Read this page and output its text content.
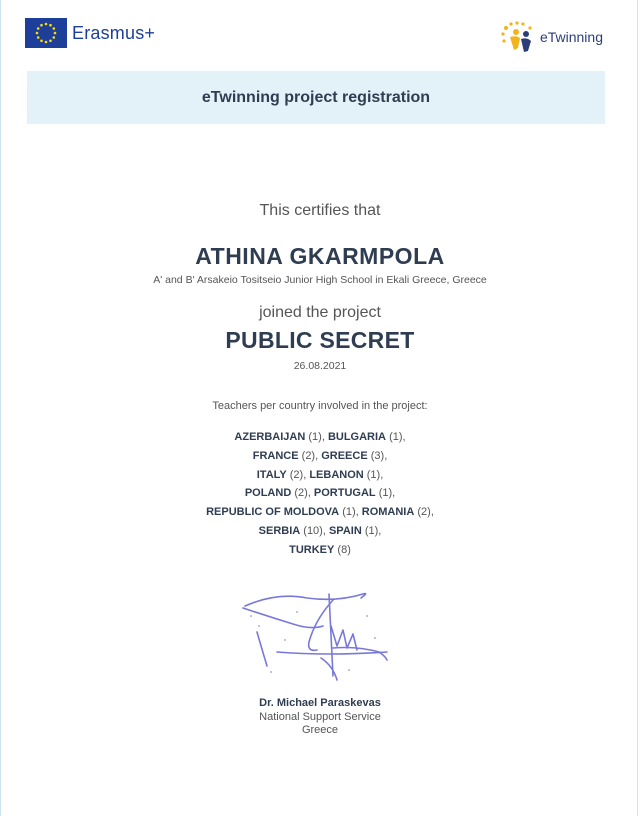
Erasmus+	eTwinning
eTwinning project registration
This certifies that
ATHINA GKARMPOLA
A' and B' Arsakeio Tositseio Junior High School in Ekali Greece, Greece
joined the project
PUBLIC SECRET
26.08.2021
Teachers per country involved in the project:
AZERBAIJAN (1), BULGARIA (1),
FRANCE (2), GREECE (3),
ITALY (2), LEBANON (1),
POLAND (2), PORTUGAL (1),
REPUBLIC OF MOLDOVA (1), ROMANIA (2),
SERBIA (10), SPAIN (1),
TURKEY (8)
Dr. Michael Paraskevas
National Support Service
Greece
